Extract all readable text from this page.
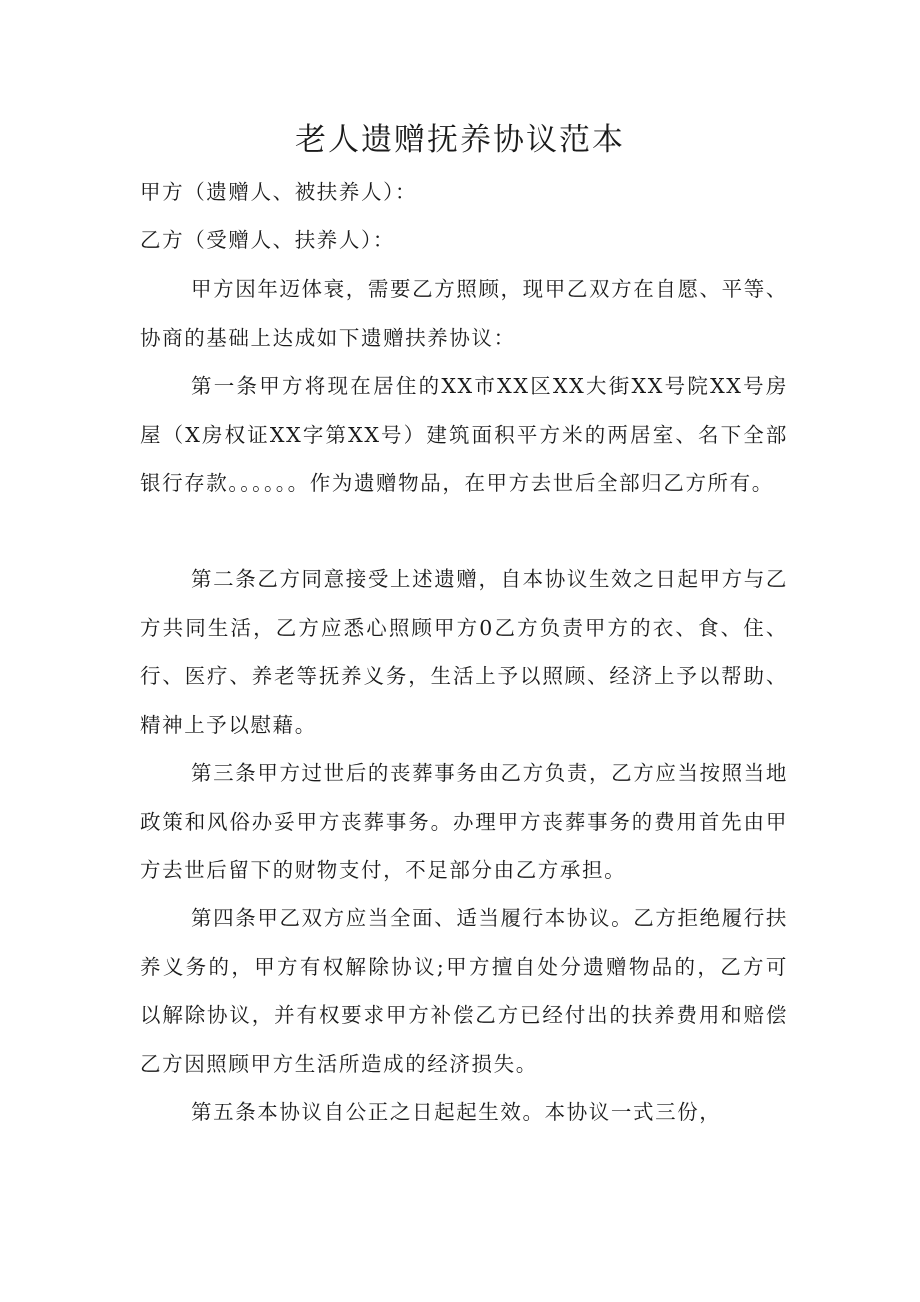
老人遗赠抚养协议范本

甲方（遗赠人、被扶养人）：

乙方（受赠人、扶养人）：

甲方因年迈体衰，需要乙方照顾，现甲乙双方在自愿、平等、协商的基础上达成如下遗赠扶养协议：

第一条甲方将现在居住的XX市XX区XX大街XX号院XX号房屋（X房权证XX字第XX号）建筑面积平方米的两居室、名下全部银行存款。。。。。。作为遗赠物品，在甲方去世后全部归乙方所有。

第二条乙方同意接受上述遗赠，自本协议生效之日起甲方与乙方共同生活，乙方应悉心照顾甲方0乙方负责甲方的衣、食、住、行、医疗、养老等抚养义务，生活上予以照顾、经济上予以帮助、精神上予以慰藉。

第三条甲方过世后的丧葬事务由乙方负责，乙方应当按照当地政策和风俗办妥甲方丧葬事务。办理甲方丧葬事务的费用首先由甲方去世后留下的财物支付，不足部分由乙方承担。

第四条甲乙双方应当全面、适当履行本协议。乙方拒绝履行扶养义务的，甲方有权解除协议;甲方擅自处分遗赠物品的，乙方可以解除协议，并有权要求甲方补偿乙方已经付出的扶养费用和赔偿乙方因照顾甲方生活所造成的经济损失。

第五条本协议自公正之日起起生效。本协议一式三份，
